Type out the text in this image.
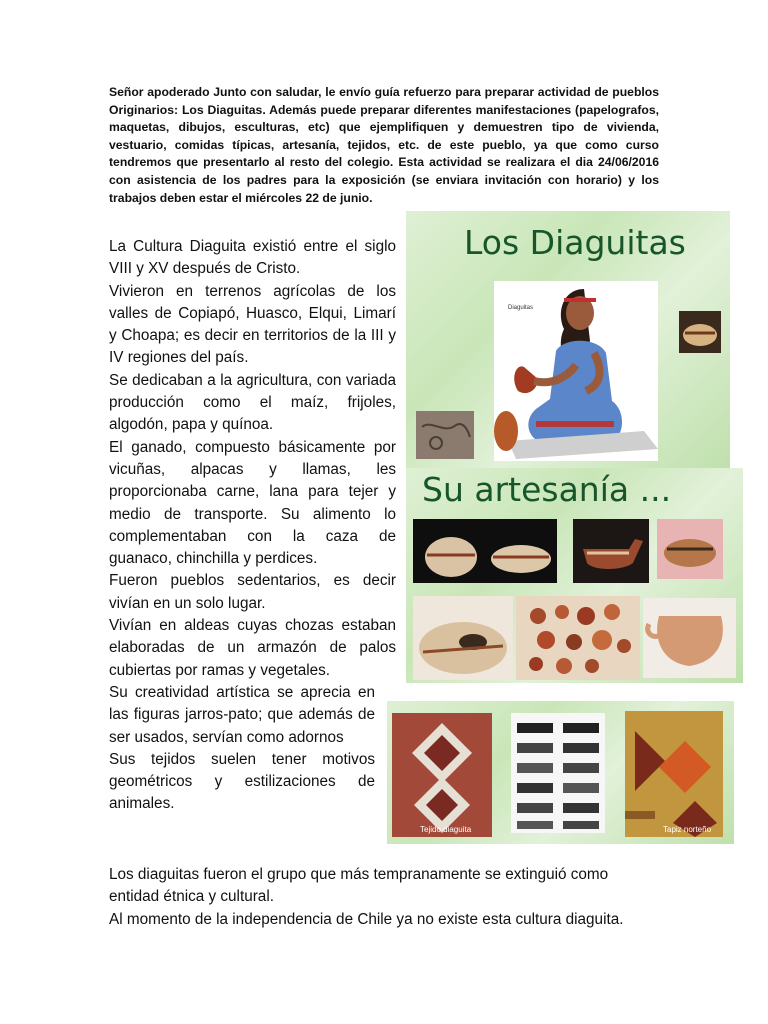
Señor apoderado Junto con saludar, le envío guía refuerzo para preparar actividad de pueblos Originarios: Los Diaguitas. Además puede preparar diferentes manifestaciones (papelografos, maquetas, dibujos, esculturas, etc) que ejemplifiquen y demuestren tipo de vivienda, vestuario, comidas típicas, artesanía, tejidos, etc. de este pueblo, ya que como curso tendremos que presentarlo al resto del colegio. Esta actividad se realizara el dia 24/06/2016 con asistencia de los padres para la exposición (se enviara invitación con horario) y los trabajos deben estar el miércoles 22 de junio.

La Cultura Diaguita existió entre el siglo VIII y XV después de Cristo.

Vivieron en terrenos agrícolas de los valles de Copiapó, Huasco, Elqui, Limarí y Choapa; es decir en territorios de la III y IV regiones del país.

Se dedicaban a la agricultura, con variada producción como el maíz, frijoles, algodón, papa y quínoa.

El ganado, compuesto básicamente por vicuñas, alpacas y llamas, les proporcionaba carne, lana para tejer y medio de transporte. Su alimento lo complementaban con la caza de guanaco, chinchilla y perdices.

Fueron pueblos sedentarios, es decir vivían en un solo lugar.

Vivían en aldeas cuyas chozas estaban elaboradas de un armazón de palos cubiertas por ramas y vegetales.

Su creatividad artística se aprecia en las figuras jarros-pato; que además de ser usados, servían como adornos

Sus tejidos suelen tener motivos geométricos y estilizaciones de animales.

Los diaguitas fueron el grupo que más tempranamente se extinguió como entidad étnica y cultural.

Al momento de la independencia de Chile ya no existe esta cultura diaguita.

Los Diaguitas
Diaguitas
Su artesanía ...
Tejido diaguita	Tapiz norteño
